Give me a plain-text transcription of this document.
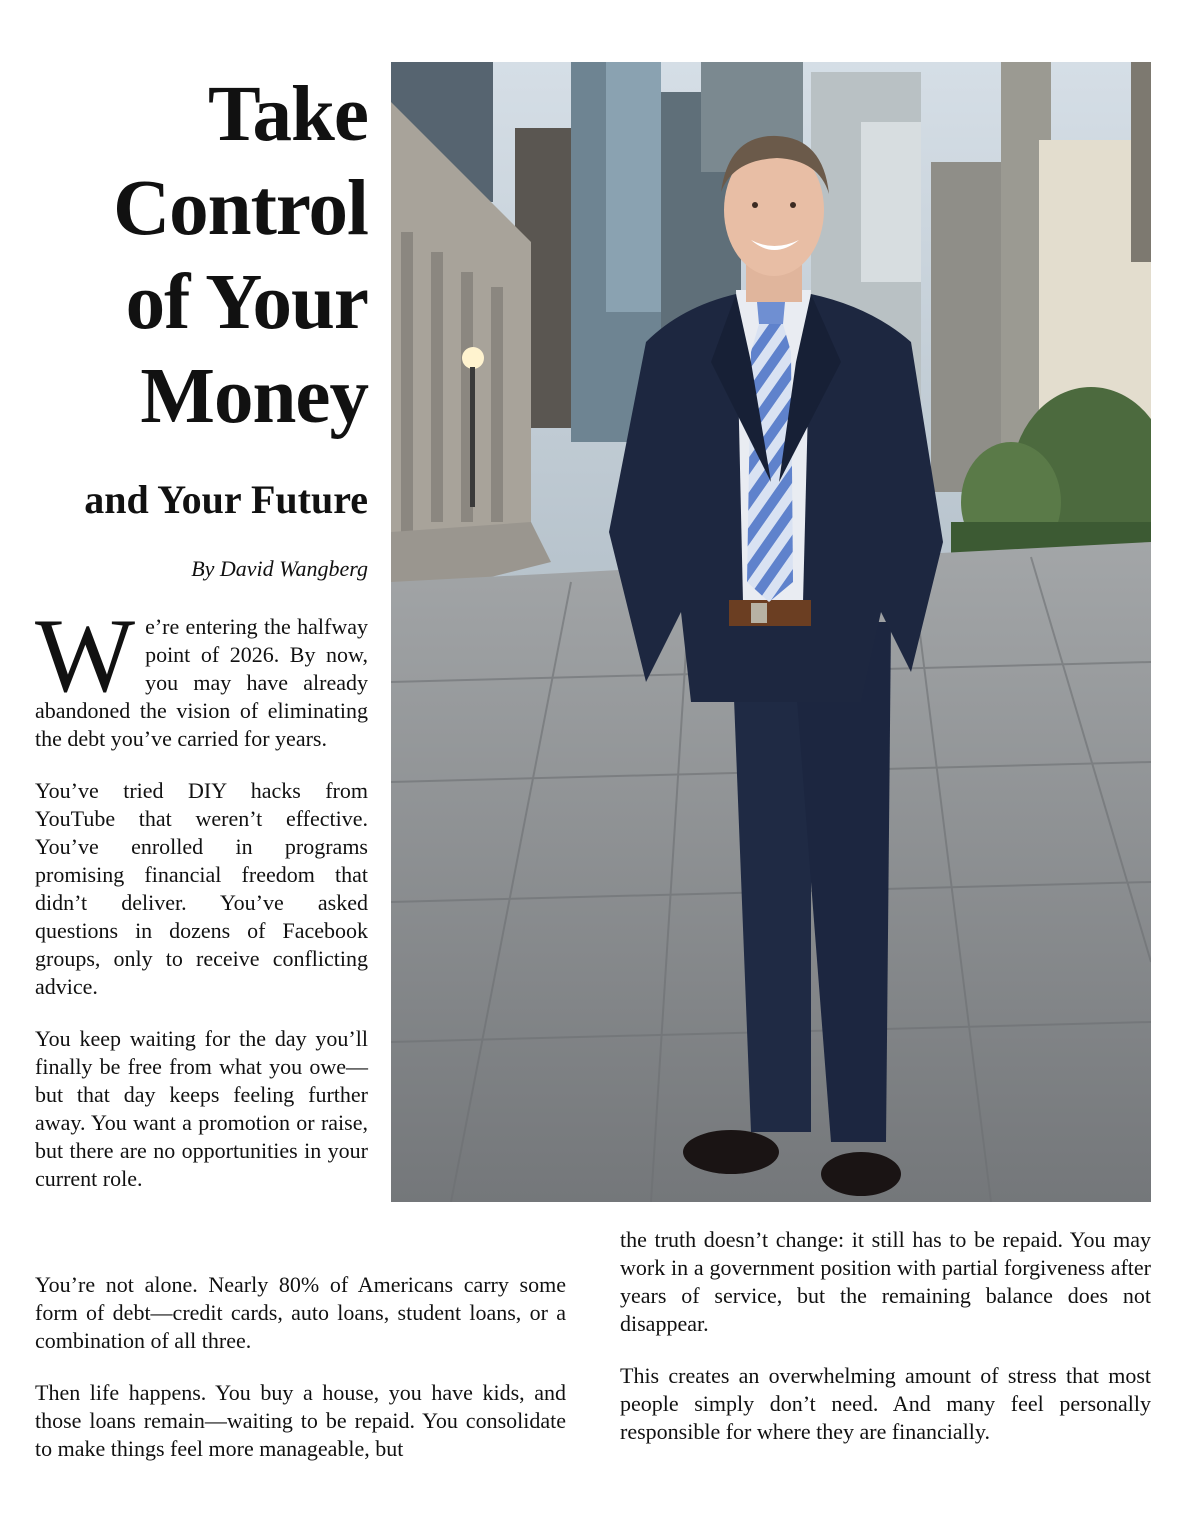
Take
Control
of Your
Money
and Your Future
By David Wangberg

We’re entering the halfway point of 2026. By now, you may have already abandoned the vision of eliminating the debt you’ve carried for years.

You’ve tried DIY hacks from YouTube that weren’t effective. You’ve enrolled in programs promising financial freedom that didn’t deliver. You’ve asked questions in dozens of Facebook groups, only to receive conflicting advice.

You keep waiting for the day you’ll finally be free from what you owe—but that day keeps feeling further away. You want a promotion or raise, but there are no opportunities in your current role.

You’re not alone. Nearly 80% of Americans carry some form of debt—credit cards, auto loans, student loans, or a combination of all three.

Then life happens. You buy a house, you have kids, and those loans remain—waiting to be repaid. You consolidate to make things feel more manageable, but

the truth doesn’t change: it still has to be repaid. You may work in a government position with partial forgiveness after years of service, but the remaining balance does not disappear.

This creates an overwhelming amount of stress that most people simply don’t need. And many feel personally responsible for where they are financially.
